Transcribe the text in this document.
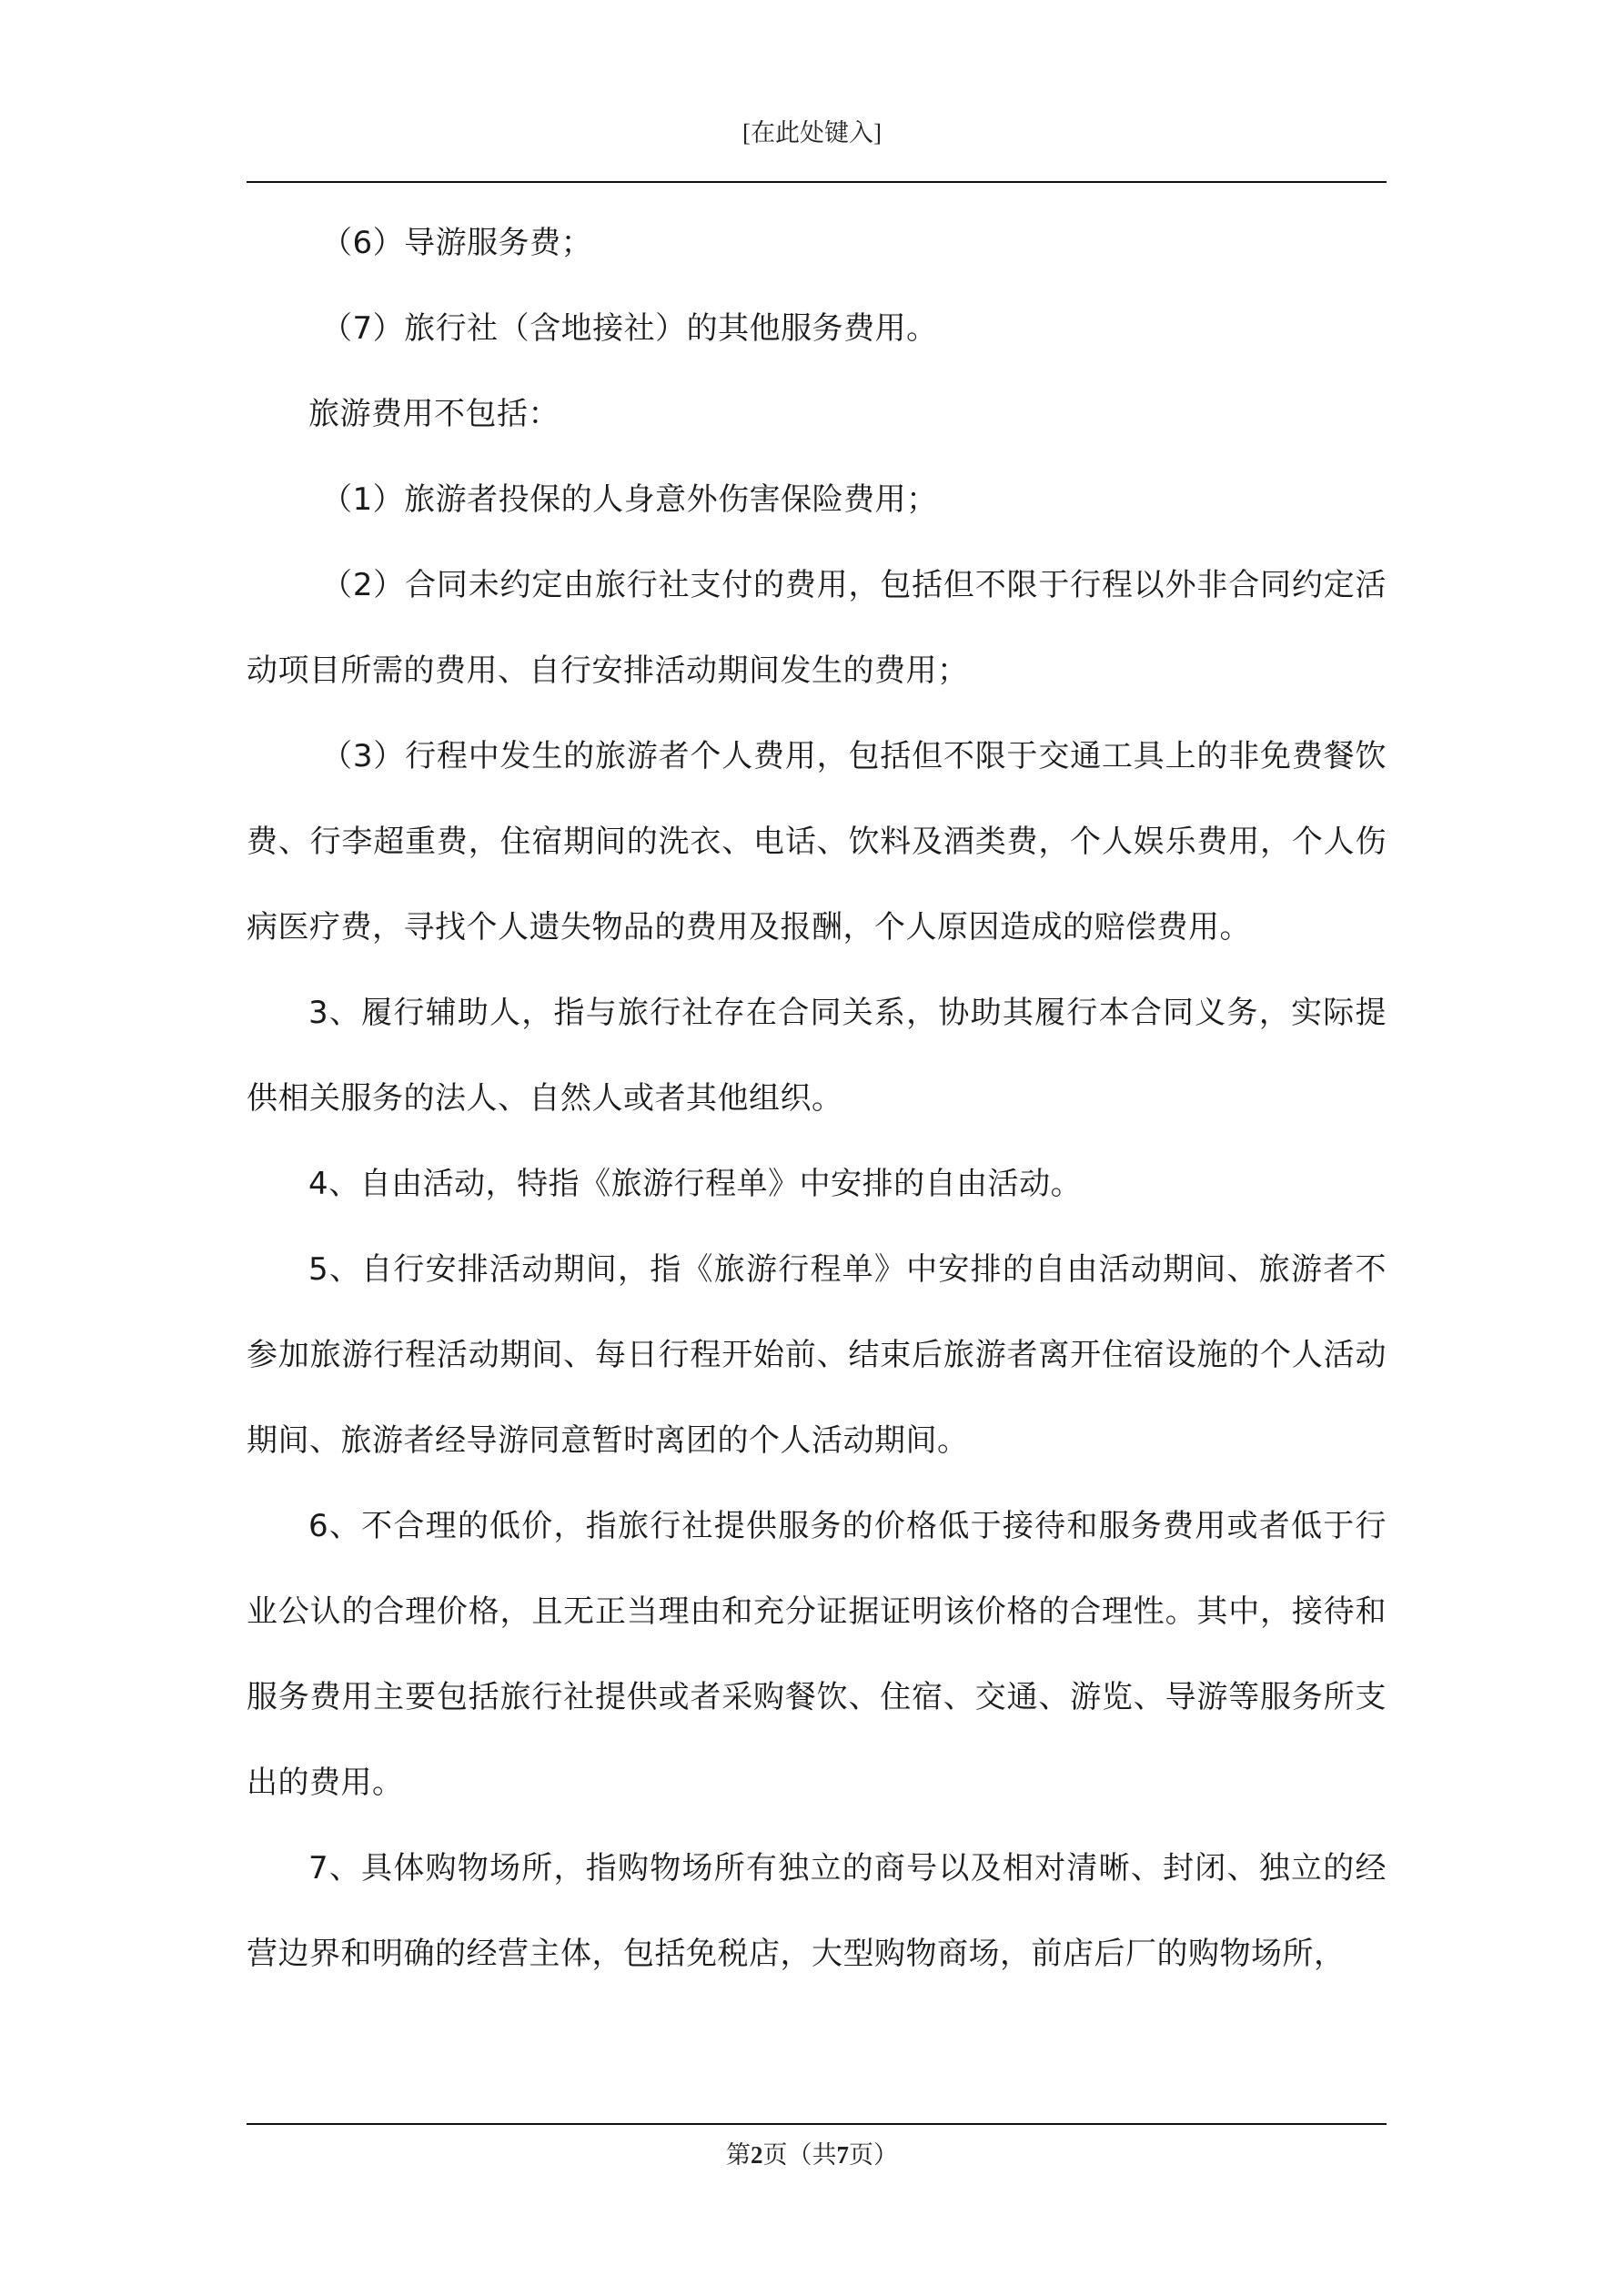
[在此处键入]

（6）导游服务费；

（7）旅行社（含地接社）的其他服务费用。

旅游费用不包括：

（1）旅游者投保的人身意外伤害保险费用；

（2）合同未约定由旅行社支付的费用，包括但不限于行程以外非合同约定活动项目所需的费用、自行安排活动期间发生的费用；

（3）行程中发生的旅游者个人费用，包括但不限于交通工具上的非免费餐饮费、行李超重费，住宿期间的洗衣、电话、饮料及酒类费，个人娱乐费用，个人伤病医疗费，寻找个人遗失物品的费用及报酬，个人原因造成的赔偿费用。

3、履行辅助人，指与旅行社存在合同关系，协助其履行本合同义务，实际提供相关服务的法人、自然人或者其他组织。

4、自由活动，特指《旅游行程单》中安排的自由活动。

5、自行安排活动期间，指《旅游行程单》中安排的自由活动期间、旅游者不参加旅游行程活动期间、每日行程开始前、结束后旅游者离开住宿设施的个人活动期间、旅游者经导游同意暂时离团的个人活动期间。

6、不合理的低价，指旅行社提供服务的价格低于接待和服务费用或者低于行业公认的合理价格，且无正当理由和充分证据证明该价格的合理性。其中，接待和服务费用主要包括旅行社提供或者采购餐饮、住宿、交通、游览、导游等服务所支出的费用。

7、具体购物场所，指购物场所有独立的商号以及相对清晰、封闭、独立的经营边界和明确的经营主体，包括免税店，大型购物商场，前店后厂的购物场所，

第2页（共7页）
